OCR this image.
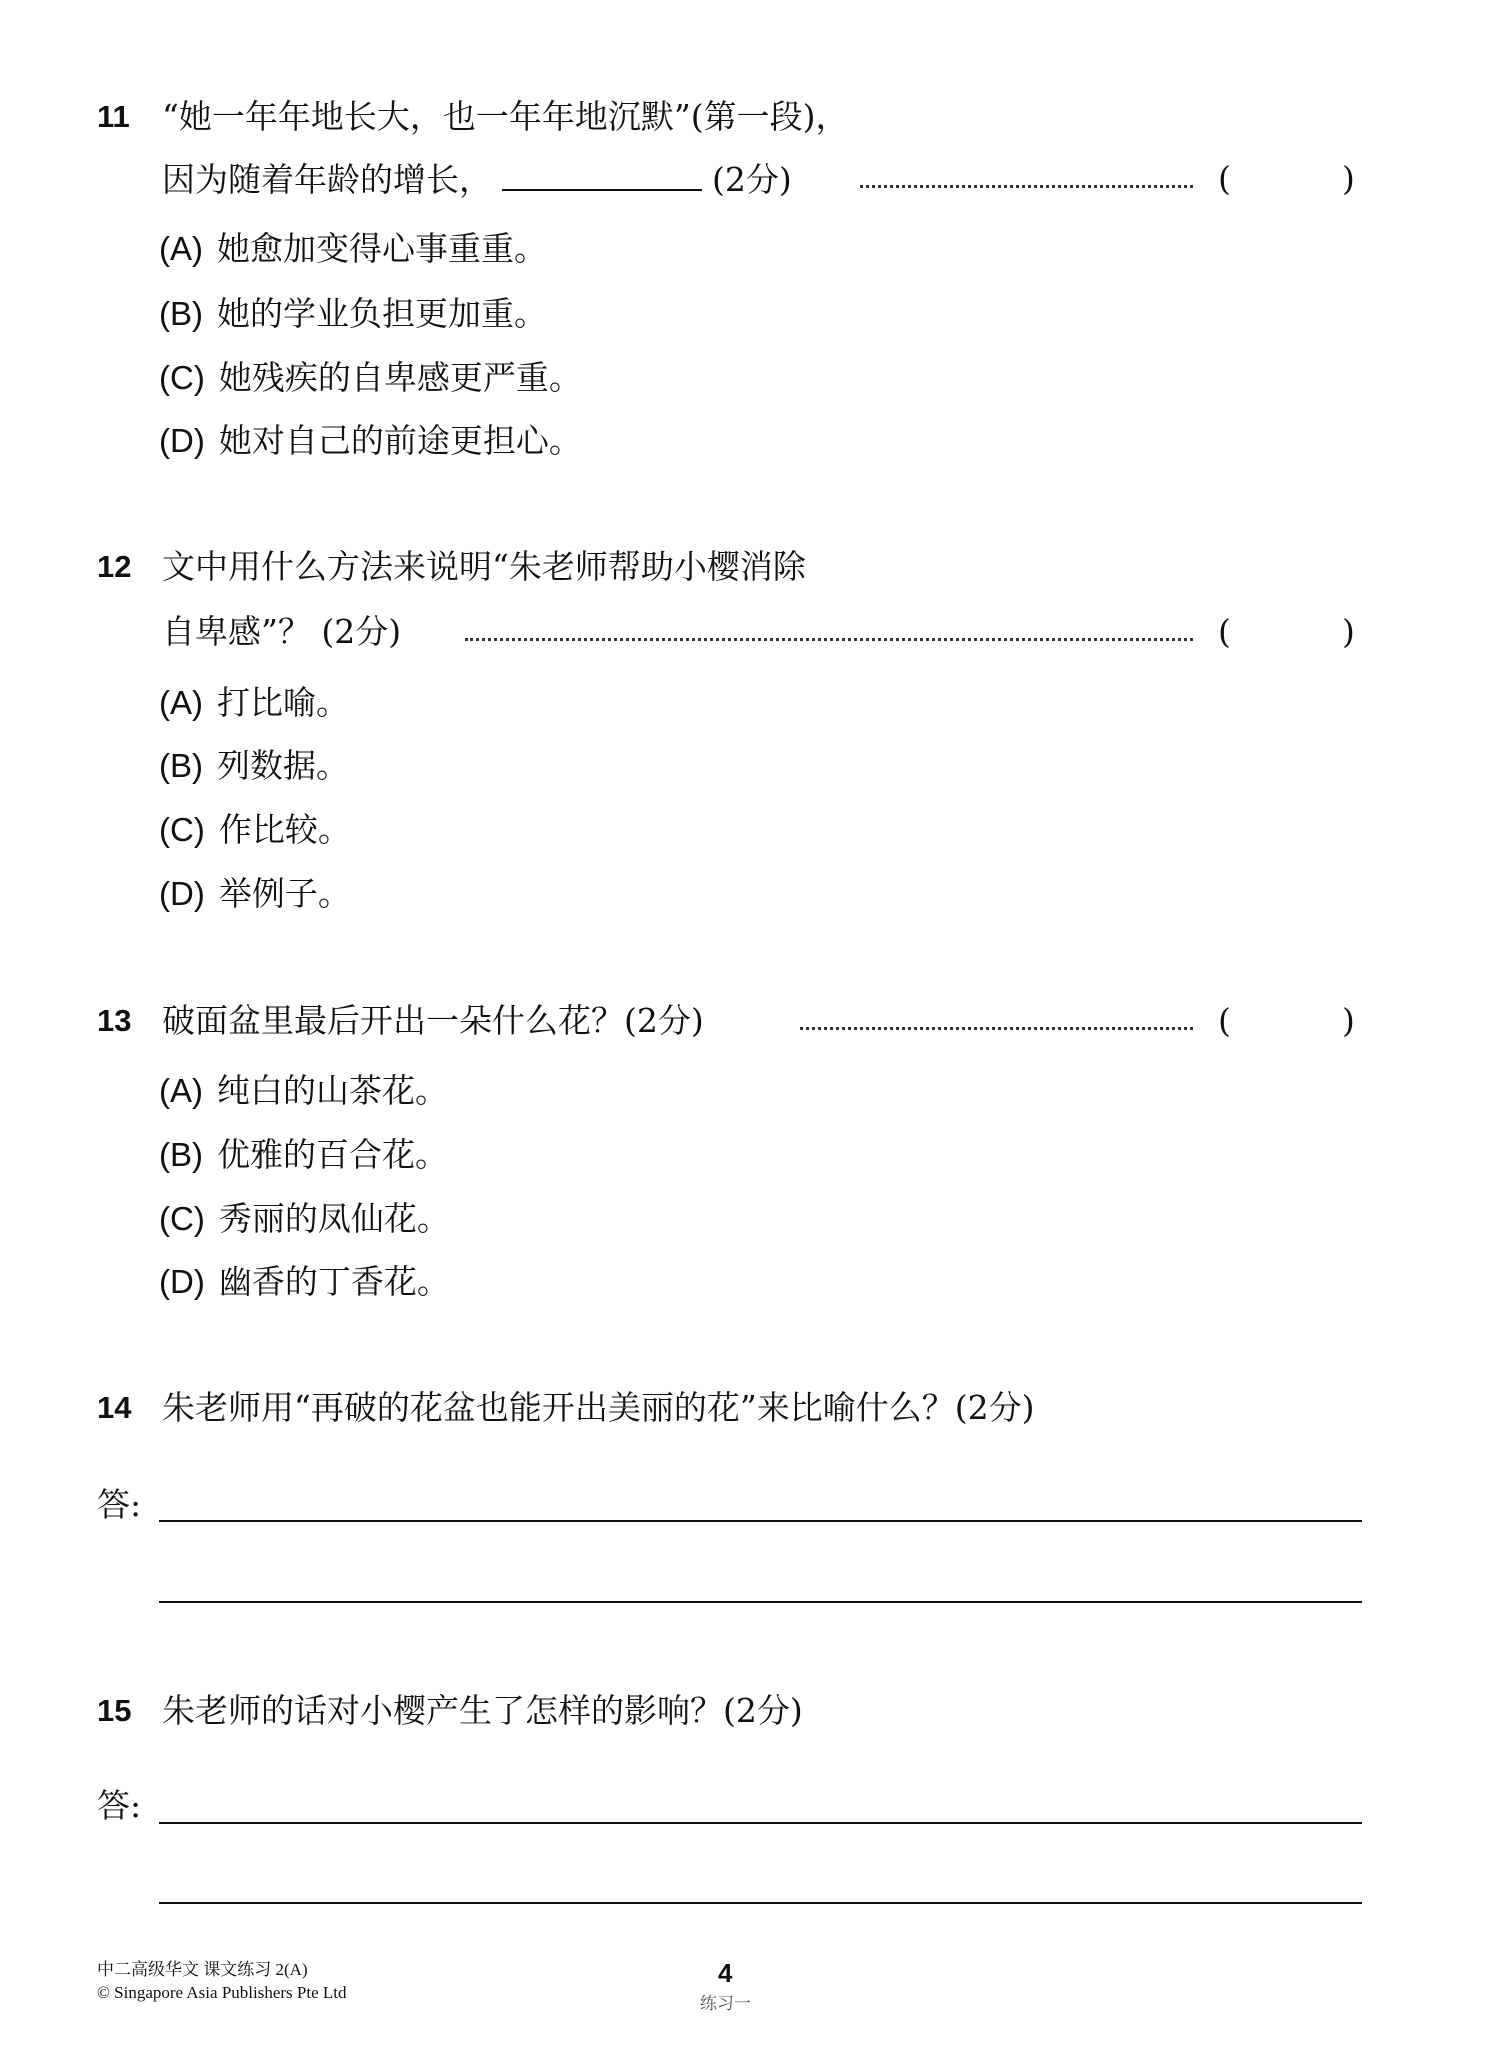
11 “她一年年地长大，也一年年地沉默”(第一段)，
因为随着年龄的增长，	(2分)	(	)
(A) 她愈加变得心事重重。
(B) 她的学业负担更加重。
(C) 她残疾的自卑感更严重。
(D) 她对自己的前途更担心。
12 文中用什么方法来说明“朱老师帮助小樱消除
自卑感”？ (2分)	(	)
(A) 打比喻。
(B) 列数据。
(C) 作比较。
(D) 举例子。
13 破面盆里最后开出一朵什么花？(2分)	(	)
(A) 纯白的山茶花。
(B) 优雅的百合花。
(C) 秀丽的凤仙花。
(D) 幽香的丁香花。
14 朱老师用“再破的花盆也能开出美丽的花”来比喻什么？(2分)
答:
15 朱老师的话对小樱产生了怎样的影响？(2分)
答:
中二高级华文 课文练习 2(A)
© Singapore Asia Publishers Pte Ltd
4
练习一
